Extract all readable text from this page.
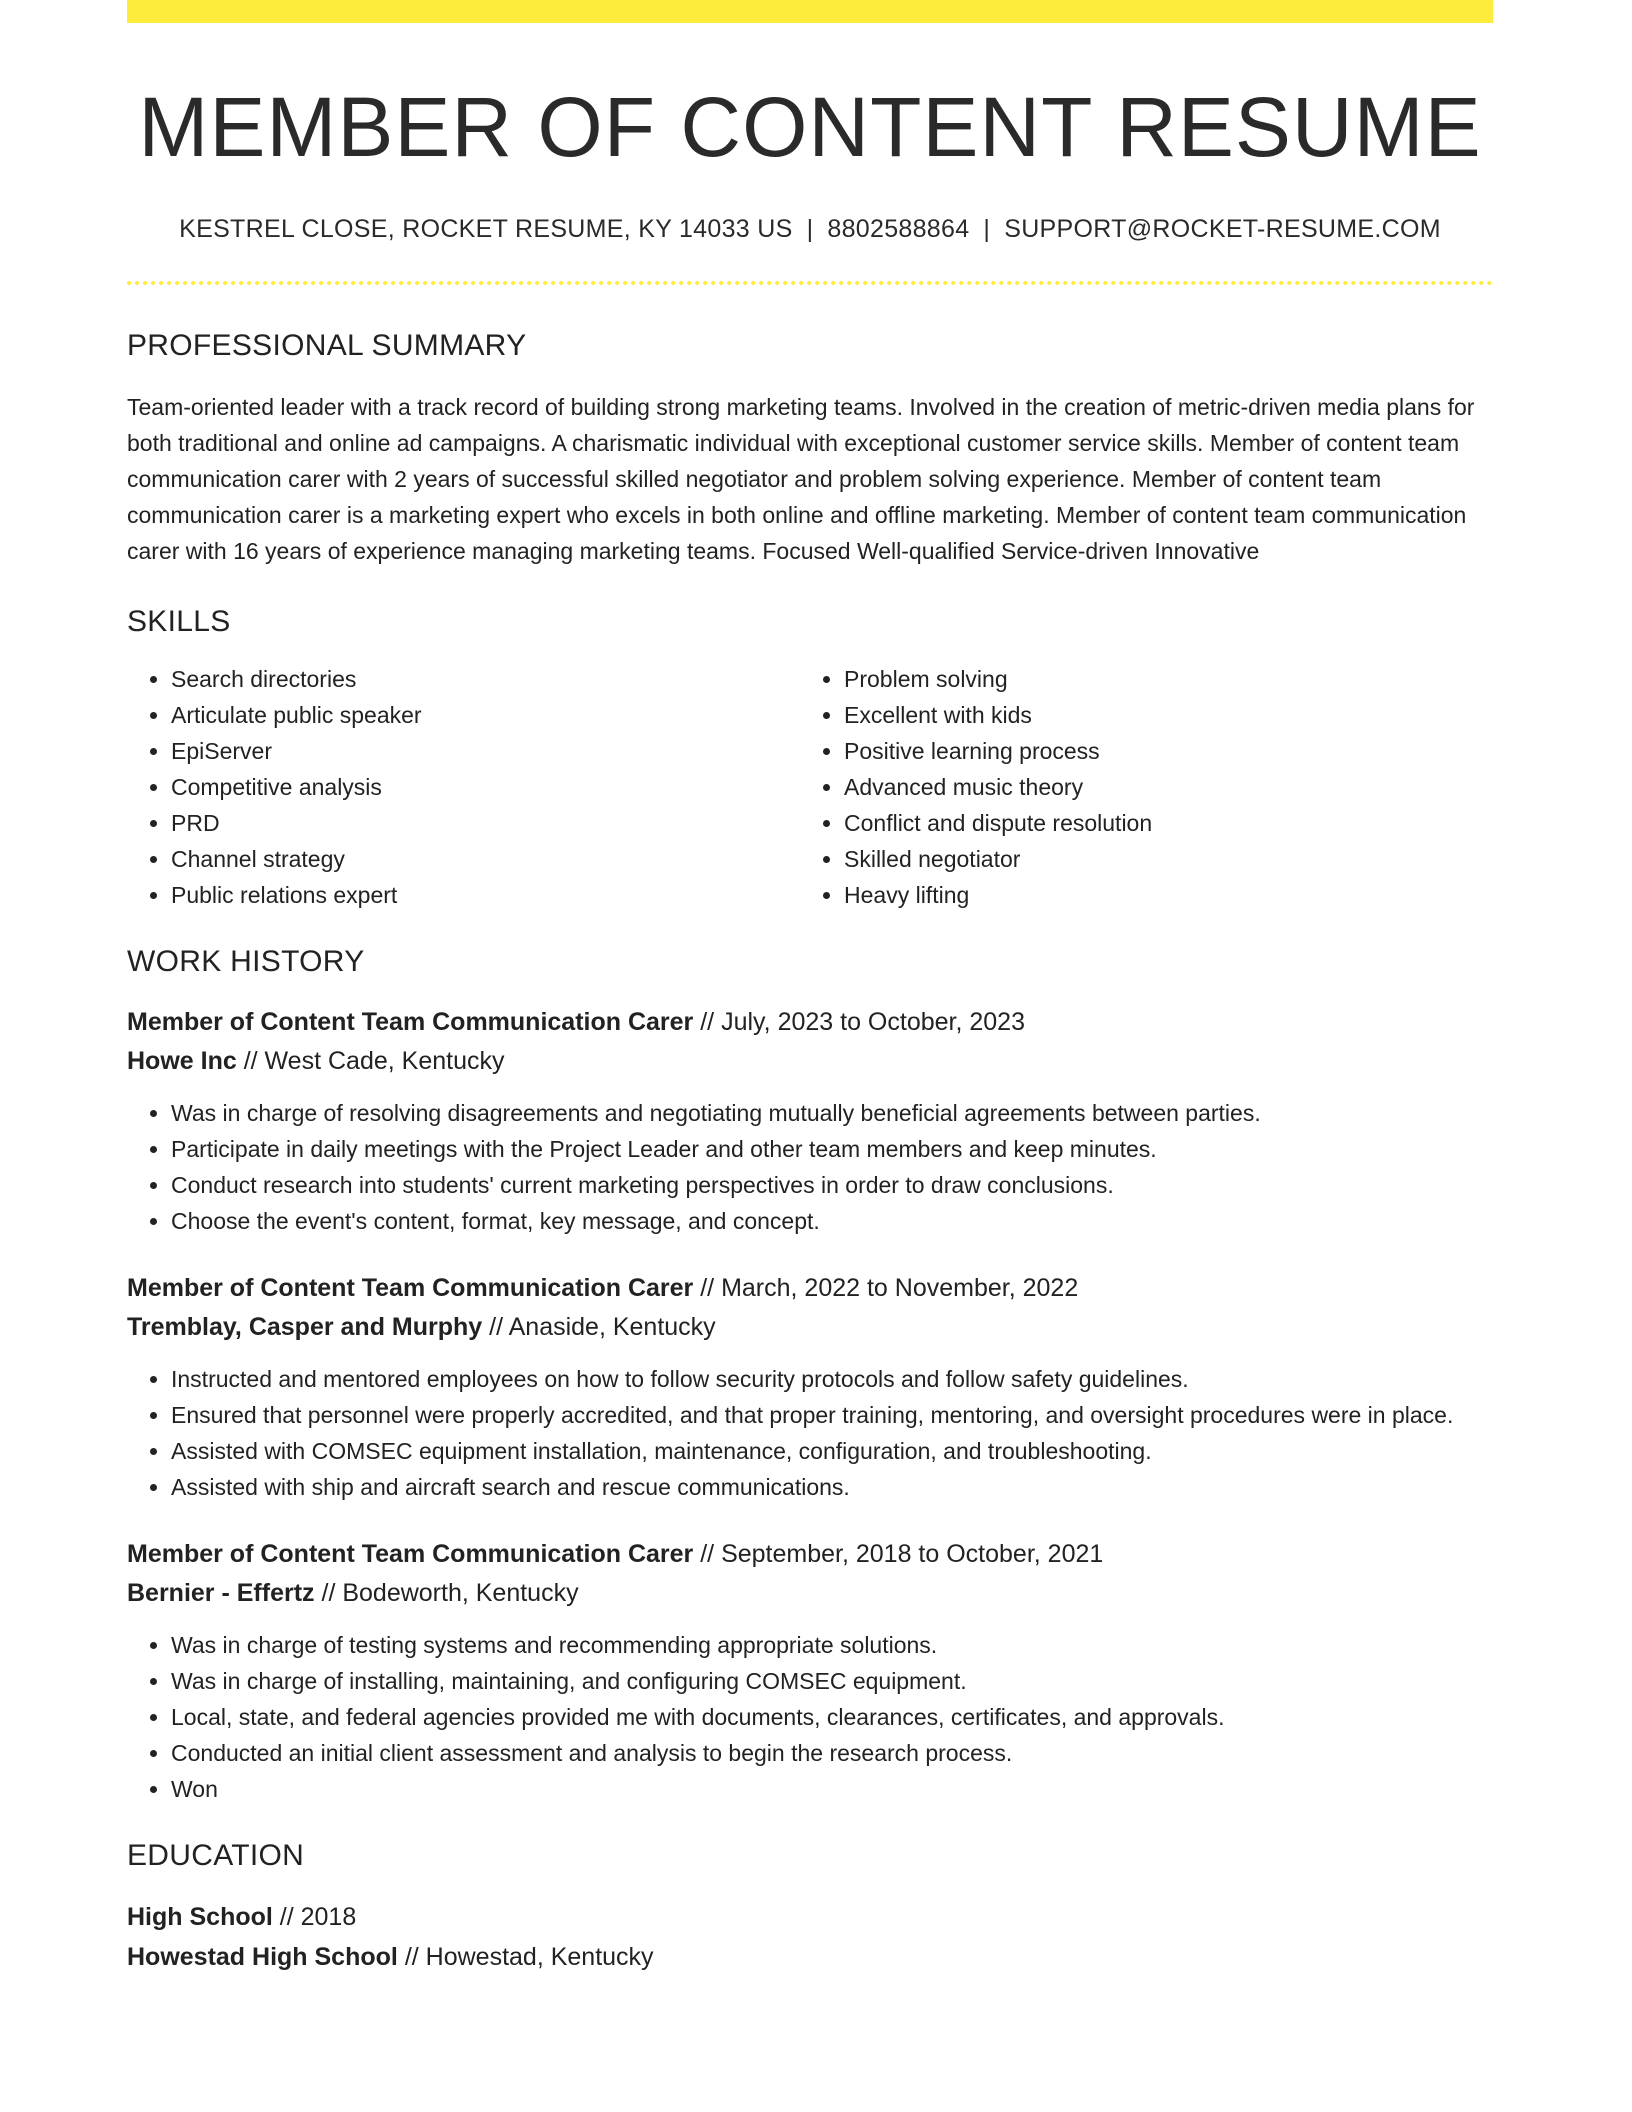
MEMBER OF CONTENT RESUME
KESTREL CLOSE, ROCKET RESUME, KY 14033 US | 8802588864 | SUPPORT@ROCKET-RESUME.COM
PROFESSIONAL SUMMARY
Team-oriented leader with a track record of building strong marketing teams. Involved in the creation of metric-driven media plans for both traditional and online ad campaigns. A charismatic individual with exceptional customer service skills. Member of content team communication carer with 2 years of successful skilled negotiator and problem solving experience. Member of content team communication carer is a marketing expert who excels in both online and offline marketing. Member of content team communication carer with 16 years of experience managing marketing teams. Focused Well-qualified Service-driven Innovative
SKILLS
• Search directories
• Articulate public speaker
• EpiServer
• Competitive analysis
• PRD
• Channel strategy
• Public relations expert
• Problem solving
• Excellent with kids
• Positive learning process
• Advanced music theory
• Conflict and dispute resolution
• Skilled negotiator
• Heavy lifting
WORK HISTORY
Member of Content Team Communication Carer // July, 2023 to October, 2023
Howe Inc // West Cade, Kentucky
• Was in charge of resolving disagreements and negotiating mutually beneficial agreements between parties.
• Participate in daily meetings with the Project Leader and other team members and keep minutes.
• Conduct research into students' current marketing perspectives in order to draw conclusions.
• Choose the event's content, format, key message, and concept.
Member of Content Team Communication Carer // March, 2022 to November, 2022
Tremblay, Casper and Murphy // Anaside, Kentucky
• Instructed and mentored employees on how to follow security protocols and follow safety guidelines.
• Ensured that personnel were properly accredited, and that proper training, mentoring, and oversight procedures were in place.
• Assisted with COMSEC equipment installation, maintenance, configuration, and troubleshooting.
• Assisted with ship and aircraft search and rescue communications.
Member of Content Team Communication Carer // September, 2018 to October, 2021
Bernier - Effertz // Bodeworth, Kentucky
• Was in charge of testing systems and recommending appropriate solutions.
• Was in charge of installing, maintaining, and configuring COMSEC equipment.
• Local, state, and federal agencies provided me with documents, clearances, certificates, and approvals.
• Conducted an initial client assessment and analysis to begin the research process.
• Won
EDUCATION
High School // 2018
Howestad High School // Howestad, Kentucky
